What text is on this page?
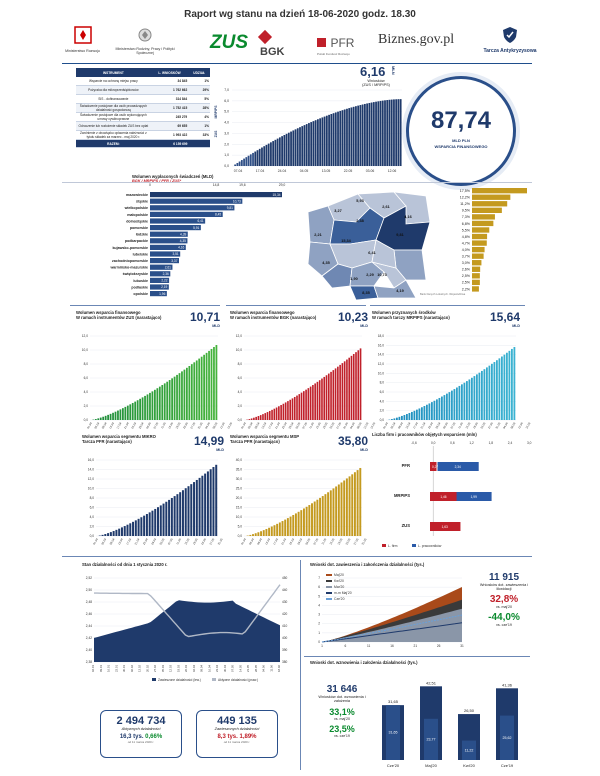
Raport wg stanu na dzień 18-06-2020 godz. 18.30
Ministerstwo Rozwoju	Ministerstwo Rodziny, Pracy i Polityki Społecznej	ZUS $_{BGK}$
PFR
Polski Fundusz Rozwoju
Biznes.gov.pl
Tarcza Antykryzysowa
INSTRUMENT	L. WNIOSKÓW	UDZIAŁ
Wsparcie na ochronę miejsc pracy	34 845	1%
Pożyczka dla mikroprzedsiębiorców	1 762 662	29%
SIS - dofinansowanie	314 844	5%
Świadczenie postojowe dla osób prowadzących działalność gospodarczą	1 752 415	28%
Świadczenie postojowe dla osób wykonujących umowy cywilnoprawne	245 279	4%
Odroczenie lub rozłożenie składek ZUS bez opłat	69 655	1%
Zwolnienie z obowiązku opłacenia należności z tytułu składek za marzec - maj 2020 r.	1 993 422	33%
RAZEM:	6 159 699	
6,16 MLN
Wniosków
(ZUS / MRPIPS)
0,0
1,0
2,0
3,0
4,0
5,0
6,0
7,0
07.04	17.04	24.04	04.05	13.05	22.05	03.06	12.06
MRPIPS
ZUS	87,74
MLD PLN
WSPARCIA FINANSOWEGO
Wolumen wypłaconych świadczeń (MLD)
BGK / MRPIPS / PFR / ZUS*
0	14,8	19,6	29,0
mazowieckie	15,34
śląskie	10,73
wielkopolskie	9,81
małopolskie	8,45
dolnośląskie	6,41
pomorskie	5,91
łódzkie	4,39
podkarpackie	4,35
kujawsko-pomorskie	4,16
lubelskie	3,51
zachodniopomorskie	3,37
warmińsko-mazurskie	2,61
świętokrzyskie	2,36
lubuskie	2,22
podlaskie	2,19
opolskie	1,96
5,93
2,61
3,27
4,16
2,38
2,21	9,81
15,34
4,35
6,41
1,90
10,73
2,29
8,35	4,19
Bank Danych Lokalnych. Województwa
17,5%
12,2%
11,2%
9,5%
7,3%
6,8%
5,5%
4,8%
4,7%
4,0%
3,7%
3,0%
2,6%
2,5%
2,5%
2,2%
Wolumen wsparcia finansowego
W ramach instrumentów ZUS (narastająco)	10,71
MLD
0,0
2,0
4,0
6,0
8,0
10,0
12,0
01.04 05.04 09.04 13.04 17.04 21.04 25.04 29.04 03.05 07.05 11.05 15.05 19.05 23.05 27.05 31.05 04.06 08.06 12.06 16.06
Wolumen wsparcia finansowego
W ramach instrumentów BGK (narastająco)	10,23
MLD
0,0
2,0
4,0
6,0
8,0
10,0
12,0
01.04 05.04 09.04 13.04 17.04 21.04 25.04 29.04 03.05 07.05 11.05 15.05 19.05 23.05 27.05 31.05 04.06 08.06 12.06 16.06
Wolumen przyznanych środków
W ramach tarczy MRPIPS (narastająco)	15,64
MLD
0,0
2,0
4,0
6,0
8,0
10,0
12,0
14,0
16,0
18,0
01.04 05.04 09.04 13.04 17.04 21.04 25.04 29.04 03.05 07.05 11.05 15.05 19.05 23.05 27.05 31.05 04.06 08.06 12.06 16.06
Wolumen wsparcia segmentu MIKRO
Tarcza PFR (narastająco)	14,99
MLD
0,0
2,0
4,0
6,0
8,0
10,0
12,0
14,0
16,0
01.04 05.04 09.04 13.04 17.04 21.04 25.04 29.04 03.05 07.05 11.05 15.05 19.05 23.05 27.05 31.05
Wolumen wsparcia segmentu MSP
Tarcza PFR (narastająco)	35,80
MLD
0,0
5,0
10,0
15,0
20,0
25,0
30,0
35,0
40,0
01.04 05.04 09.04 13.04 17.04 21.04 25.04 29.04 03.05 07.05 11.05 15.05 19.05 23.05 27.05 31.05
Liczba firm i pracowników objętych wsparciem (mln)
-0,6	0,0	0,6	1,2	1,8	2,4	3,0
PFR	0,27	2,34
MRPIPS	1,46	1,99
ZUS	1,63
L. firm	L. pracowników
Stan działalności od dnia 1 stycznia 2020 r.
2,38
2,40
2,42
2,44
2,46
2,48
2,50
2,52
380
390
400
410
420
430
440
450
02.01 09.01 16.01 23.01 30.01 06.02 13.02 20.02 27.02 05.03 12.03 19.03 26.03 02.04 09.04 16.04 23.04 30.04 07.05 14.05 21.05 28.05 04.06 11.06 18.06
Zawieszone działalności (lew.)	Aktywne działalności (praw.)
2 494 734
Aktywnych działalności
16,3 tys. 0,66%
od 11 marca 2020 r.
449 135
Zawieszonych działalności
8,3 tys. 1,89%
od 11 marca 2020 r.
Wnioski dot. zawieszenia i zakończenia działalności (tys.)
0
1
2
3
4
5
6
7
Maj'20
Kwi'20
Mar'20
m-m Maj'20
Cze'20
1	6	11	16	21	26	31
11 915
Wniosków dot. zawieszenia i likwidacji
32,8%
vs. maj'20
-44,0%
vs. cze'19
Wnioski dot. wznowienia i założenia działalności (tys.)
31 646
Wniosków dot. wznowienia i założenia
33,1%
vs. maj'20
23,5%
vs. cze'19
31,65
31,65
Cze'20
42,51
23,77
Maj'20
26,50
11,22
Kwi'20
41,36
25,62
Cze'19
